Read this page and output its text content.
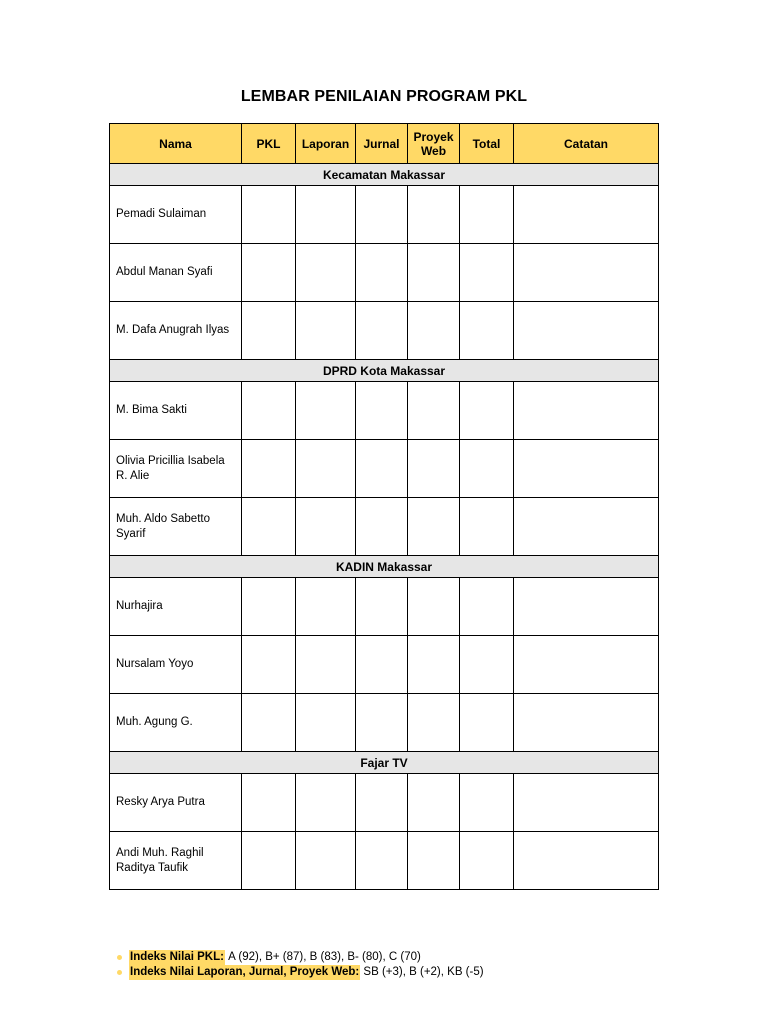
LEMBAR PENILAIAN PROGRAM PKL
Nama	PKL	Laporan	Jurnal	Proyek Web	Total	Catatan
Kecamatan Makassar						
Pemadi Sulaiman						
Abdul Manan Syafi						
M. Dafa Anugrah Ilyas						
DPRD Kota Makassar						
M. Bima Sakti						
Olivia Pricillia Isabela R. Alie						
Muh. Aldo Sabetto Syarif						
KADIN Makassar						
Nurhajira						
Nursalam Yoyo						
Muh. Agung G.						
Fajar TV						
Resky Arya Putra						
Andi Muh. Raghil Raditya Taufik						
Indeks Nilai PKL:
A (92), B+ (87), B (83), B- (80), C (70)
Indeks Nilai Laporan, Jurnal, Proyek Web:
SB (+3), B (+2), KB (-5)
